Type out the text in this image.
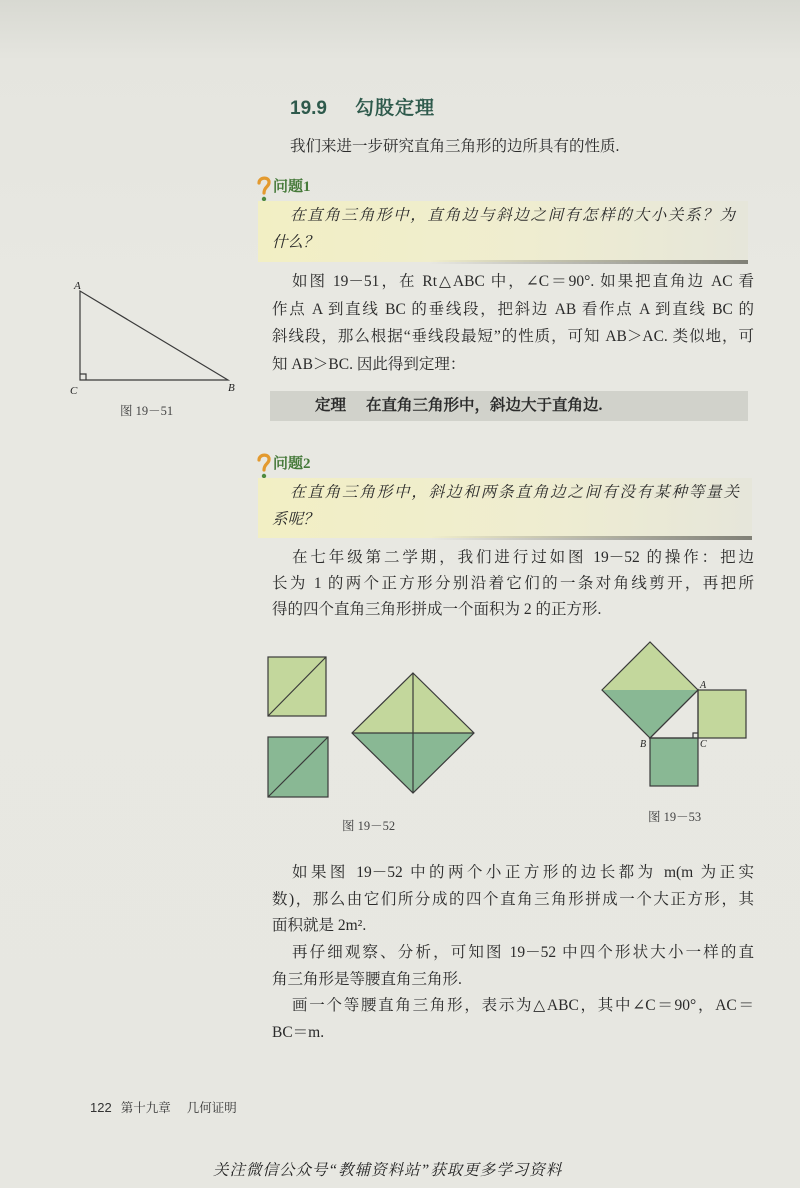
19.9 勾股定理
我们来进一步研究直角三角形的边所具有的性质.
问题1
在直角三角形中，直角边与斜边之间有怎样的大小关系？为
什么？
如图 19－51，在 Rt△ABC 中，∠C＝90°. 如果把直角边 AC 看
作点 A 到直线 BC 的垂线段，把斜边 AB 看作点 A 到直线 BC 的
斜线段，那么根据“垂线段最短”的性质，可知 AB＞AC. 类似地，可
知 AB＞BC. 因此得到定理：
定理 在直角三角形中，斜边大于直角边.
A
C	B
图 19－51
问题2
在直角三角形中，斜边和两条直角边之间有没有某种等量关
系呢？
在七年级第二学期，我们进行过如图 19－52 的操作：把边
长为 1 的两个正方形分别沿着它们的一条对角线剪开，再把所
得的四个直角三角形拼成一个面积为 2 的正方形.
图 19－52
A
B	C
图 19－53
如果图 19－52 中的两个小正方形的边长都为 m(m 为正实
数)，那么由它们所分成的四个直角三角形拼成一个大正方形，其
面积就是 2m².
再仔细观察、分析，可知图 19－52 中四个形状大小一样的直
角三角形是等腰直角三角形.
画一个等腰直角三角形，表示为△ABC，其中∠C＝90°，AC＝
BC＝m.
122 第十九章 几何证明
关注微信公众号“教辅资料站”获取更多学习资料
